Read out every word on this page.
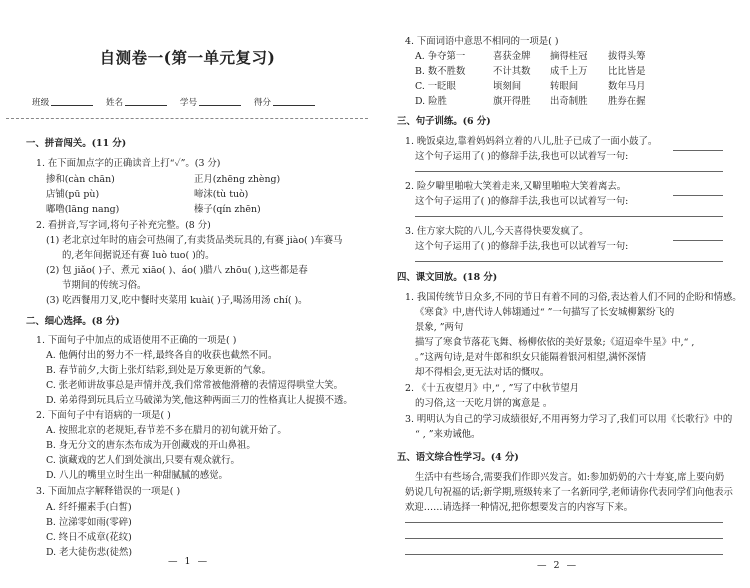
自测卷一(第一单元复习)
班级	姓名	学号	得分
一、拼音闯关。(11 分)
1. 在下面加点字的正确读音上打“✓”。(3 分)
掺和(càn chān)	正月(zhēng zhèng)
店铺(pū pù)	啼沫(tù tuò)
嘟噜(lāng nang)	榛子(qín zhēn)
2. 看拼音,写字词,将句子补充完整。(8 分)
(1) 老北京过年时的庙会可热闹了,有卖货品类玩具的,有赛 jiào( )车赛马
的,老年间据说还有赛 luò tuo( )的。
(2) 包 jiǎo( )子、煮元 xiāo( )、áo( )腊八 zhōu( ),这些都是春
节期间的传统习俗。
(3) 吃西餐用刀叉,吃中餐时夹菜用 kuài( )子,喝汤用汤 chí( )。
二、细心选择。(8 分)
1. 下面句子中加点的成语使用不正确的一项是( )
A. 他俩付出的努力不一样,最终各自的收获也截然不同。
B. 春节前夕,大街上张灯结彩,到处是万象更新的气象。
C. 张老师讲故事总是声情并茂,我们常常被他滑稽的表情逗得哄堂大笑。
D. 弟弟得到玩具后立马破涕为笑,他这种两面三刀的性格真让人捉摸不透。
2. 下面句子中有语病的一项是( )
A. 按照北京的老规矩,春节差不多在腊月的初旬就开始了。
B. 身无分文的唐东杰布成为开创藏戏的开山鼻祖。
C. 演藏戏的艺人们到处演出,只要有观众就行。
D. 八儿的嘴里立时生出一种甜腻腻的感觉。
3. 下面加点字解释错误的一项是( )
A. 纤纤擢素手(白皙)
B. 泣涕零如雨(零碎)
C. 终日不成章(花纹)
D. 老大徒伤悲(徒然)
— 1 —
4. 下面词语中意思不相同的一项是( )
A. 争夺第一	喜获金牌 摘得桂冠 拔得头筹
B. 数不胜数	不计其数 成千上万 比比皆是
C. 一眨眼	顷刻间	转眼间	数年马月
D. 险胜	旗开得胜 出奇制胜 胜券在握
三、句子训练。(6 分)
1. 晚饭桌边,靠着妈妈斜立着的八儿,肚子已成了一面小鼓了。
这个句子运用了( )的修辞手法,我也可以试着写一句:
2. 险夕噼里啪啦大笑着走来,又噼里啪啦大笑着离去。
这个句子运用了( )的修辞手法,我也可以试着写一句:
3. 住方家大院的八儿,今天喜得快要发疯了。
这个句子运用了( )的修辞手法,我也可以试着写一句:
四、课文回放。(18 分)
1. 我国传统节日众多,不同的节日有着不同的习俗,表达着人们不同的企盼和情感。
《寒食》中,唐代诗人韩翃通过“ ”一句描写了长安城柳絮纷飞的
景象, ”两句
描写了寒食节落花飞舞、杨柳依依的美好景象;《迢迢牵牛星》中,“ ,
。”这两句诗,是对牛郎和织女只能隔着银河相望,满怀深情
却不得相会,更无法对话的慨叹。
2. 《十五夜望月》中,“ , ”写了中秋节望月
的习俗,这一天吃月饼的寓意是 。
3. 明明认为自己的学习成绩很好,不用再努力学习了,我们可以用《长歌行》中的
“ , ”来劝诫他。
五、语文综合性学习。(4 分)
生活中有些场合,需要我们作即兴发言。如:参加奶奶的六十寿宴,席上要向奶
奶说几句祝福的话;新学期,班级转来了一名新同学,老师请你代表同学们向他表示
欢迎……请选择一种情况,把你想要发言的内容写下来。
— 2 —
